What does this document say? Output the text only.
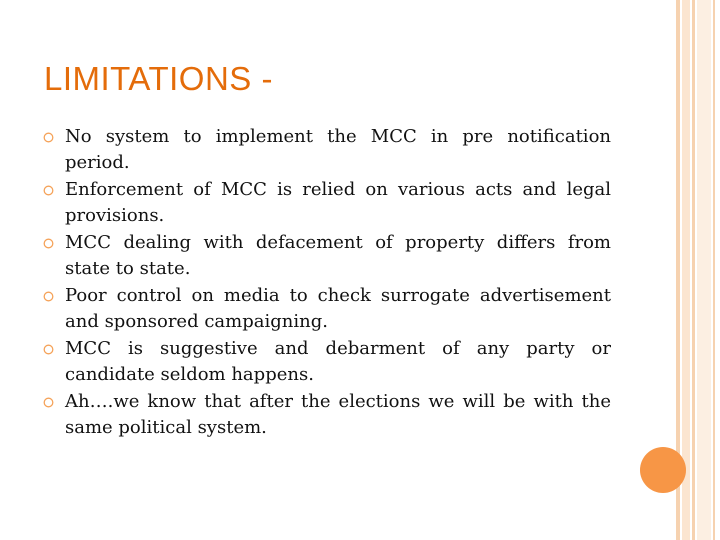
LIMITATIONS -
No system to implement the MCC in pre notification period.
Enforcement of MCC is relied on various acts and legal provisions.
MCC dealing with defacement of property differs from state to state.
Poor control on media to check surrogate advertisement and sponsored campaigning.
MCC is suggestive and debarment of any party or candidate seldom happens.
Ah….we know that after the elections we will be with the same political system.
